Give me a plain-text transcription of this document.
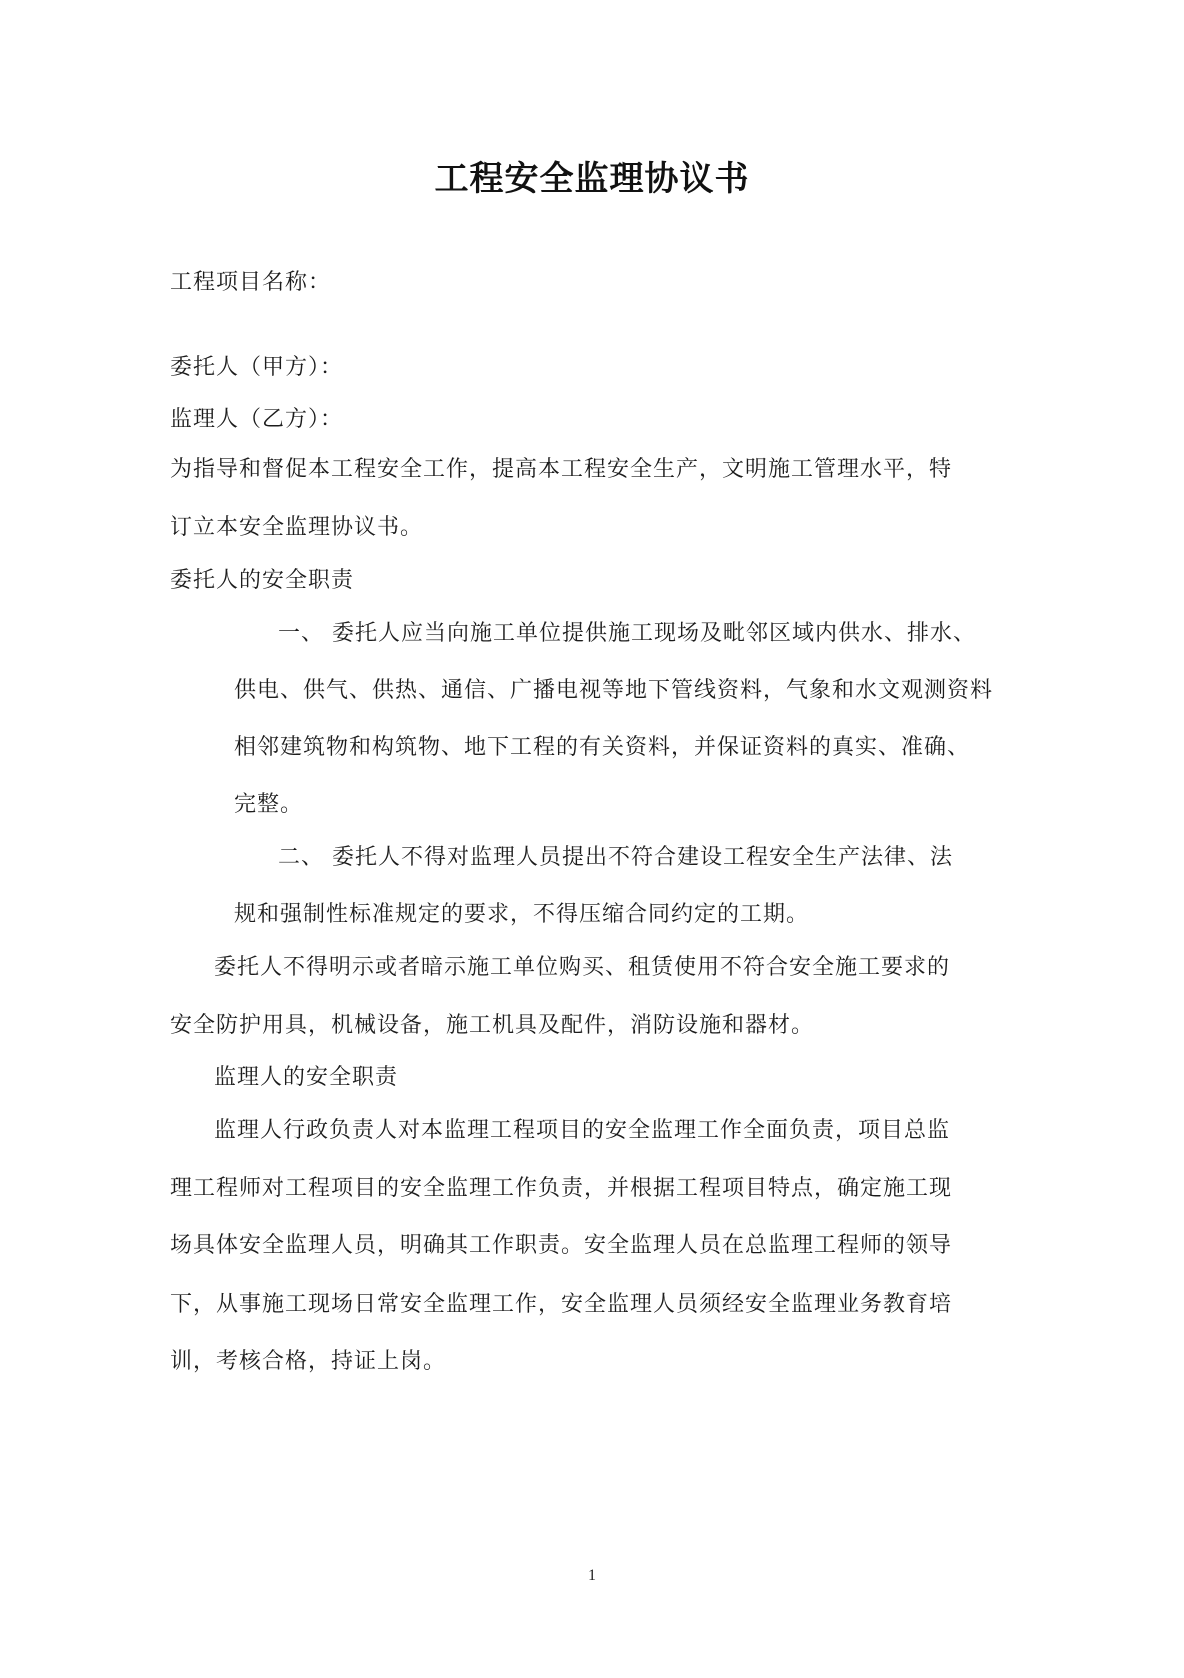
工程安全监理协议书
工程项目名称：
委托人（甲方）：
监理人（乙方）：
为指导和督促本工程安全工作，提高本工程安全生产，文明施工管理水平，特
订立本安全监理协议书。
委托人的安全职责
一、 委托人应当向施工单位提供施工现场及毗邻区域内供水、排水、
供电、供气、供热、通信、广播电视等地下管线资料，气象和水文观测资料
相邻建筑物和构筑物、地下工程的有关资料，并保证资料的真实、准确、
完整。
二、 委托人不得对监理人员提出不符合建设工程安全生产法律、法
规和强制性标准规定的要求，不得压缩合同约定的工期。
委托人不得明示或者暗示施工单位购买、租赁使用不符合安全施工要求的
安全防护用具，机械设备，施工机具及配件，消防设施和器材。
监理人的安全职责
监理人行政负责人对本监理工程项目的安全监理工作全面负责，项目总监
理工程师对工程项目的安全监理工作负责，并根据工程项目特点，确定施工现
场具体安全监理人员，明确其工作职责。安全监理人员在总监理工程师的领导
下，从事施工现场日常安全监理工作，安全监理人员须经安全监理业务教育培
训，考核合格，持证上岗。
1
